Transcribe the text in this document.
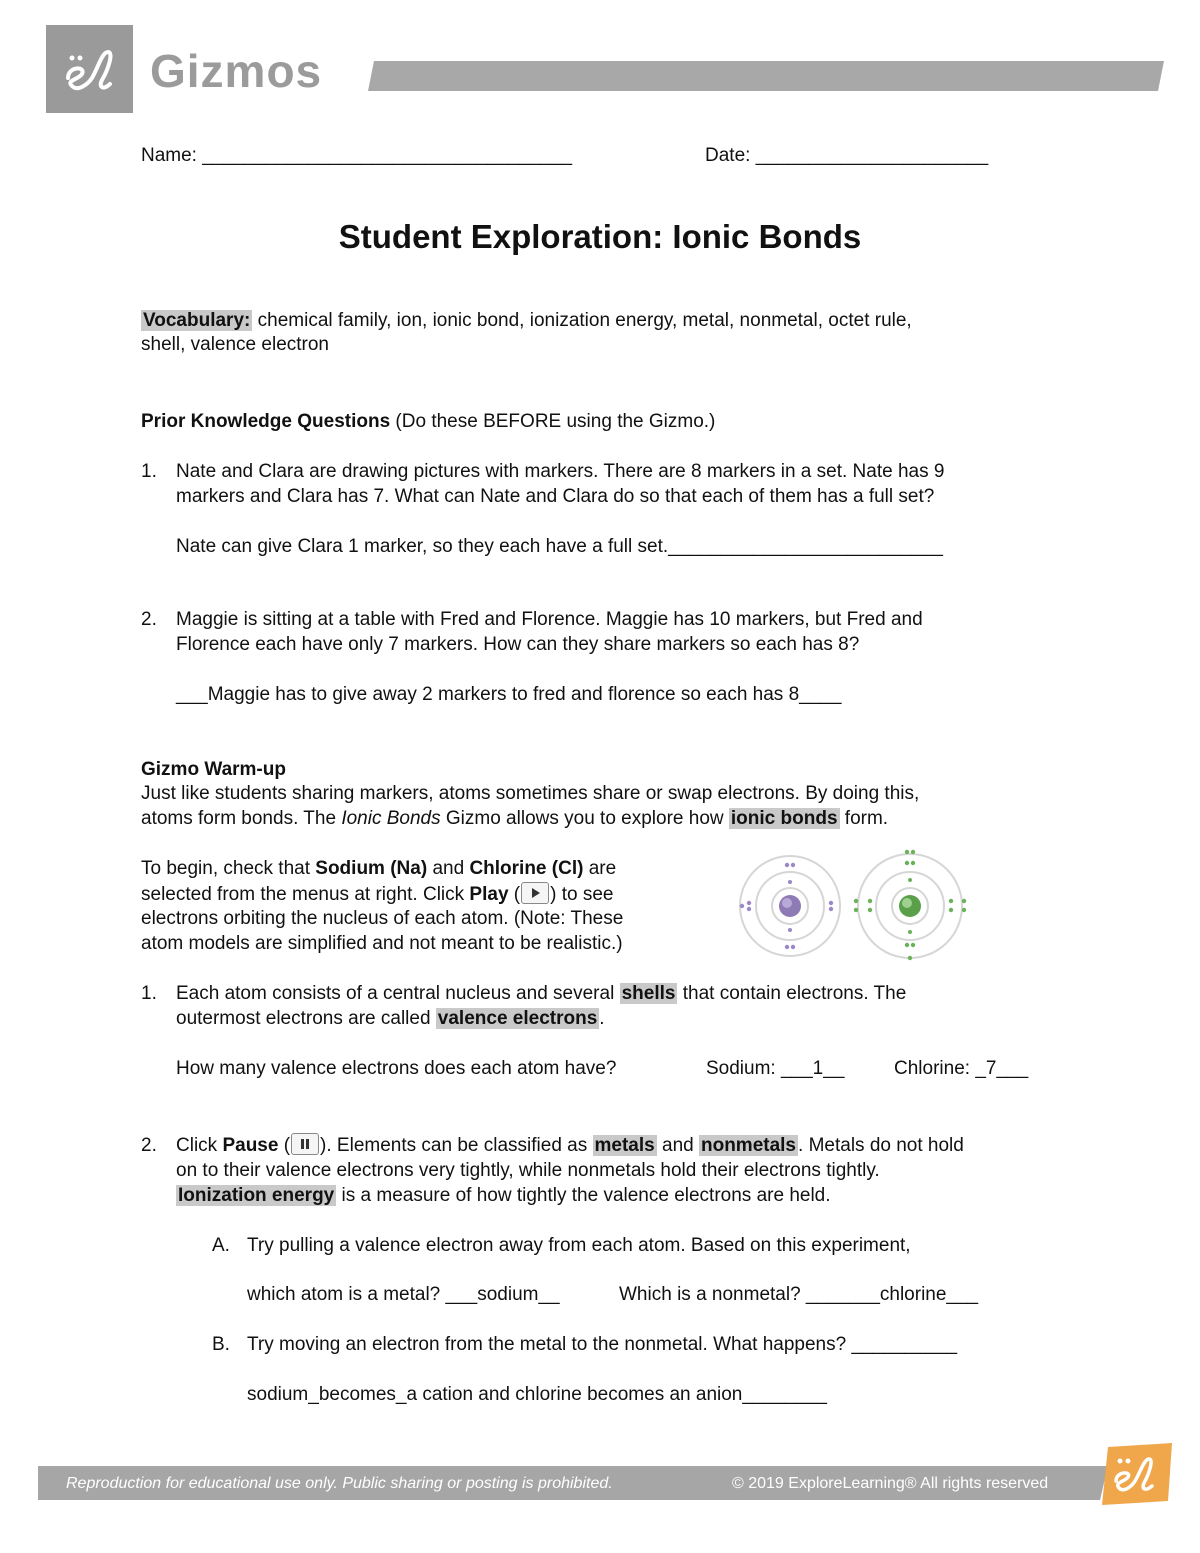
Gizmos
Name: ___________________________________	Date: ______________________
Student Exploration: Ionic Bonds
Vocabulary: chemical family, ion, ionic bond, ionization energy, metal, nonmetal, octet rule,
shell, valence electron
Prior Knowledge Questions (Do these BEFORE using the Gizmo.)
1. Nate and Clara are drawing pictures with markers. There are 8 markers in a set. Nate has 9
markers and Clara has 7. What can Nate and Clara do so that each of them has a full set?
Nate can give Clara 1 marker, so they each have a full set.__________________________
2. Maggie is sitting at a table with Fred and Florence. Maggie has 10 markers, but Fred and
Florence each have only 7 markers. How can they share markers so each has 8?
___Maggie has to give away 2 markers to fred and florence so each has 8____
Gizmo Warm-up
Just like students sharing markers, atoms sometimes share or swap electrons. By doing this,
atoms form bonds. The Ionic Bonds Gizmo allows you to explore how ionic bonds form.
To begin, check that Sodium (Na) and Chlorine (Cl) are
selected from the menus at right. Click Play ( ) to see
electrons orbiting the nucleus of each atom. (Note: These
atom models are simplified and not meant to be realistic.)
1. Each atom consists of a central nucleus and several shells that contain electrons. The
outermost electrons are called valence electrons .
How many valence electrons does each atom have?	Sodium: ___1__	Chlorine: _7___
2. Click Pause ( ). Elements can be classified as metals and nonmetals . Metals do not hold
on to their valence electrons very tightly, while nonmetals hold their electrons tightly.
Ionization energy is a measure of how tightly the valence electrons are held.
A. Try pulling a valence electron away from each atom. Based on this experiment,
which atom is a metal? ___sodium__	Which is a nonmetal? _______chlorine___
B. Try moving an electron from the metal to the nonmetal. What happens? __________
sodium_becomes_a cation and chlorine becomes an anion________
Reproduction for educational use only. Public sharing or posting is prohibited.	© 2019 ExploreLearning® All rights reserved
